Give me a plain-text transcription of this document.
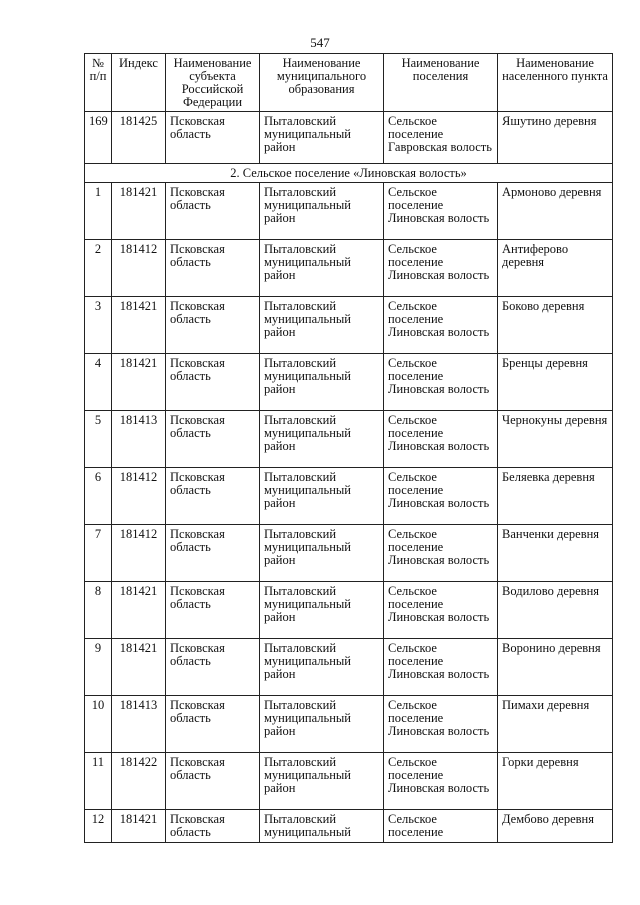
547
№ п/п	Индекс	Наименование субъекта Российской Федерации	Наименование муниципального образования	Наименование поселения	Наименование населенного пункта
169	181425	Псковская область	Пыталовский муниципальный район	Сельское поселение Гавровская волость	Яшутино деревня
2. Сельское поселение «Линовская волость»					
1	181421	Псковская область	Пыталовский муниципальный район	Сельское поселение Линовская волость	Армоново деревня
2	181412	Псковская область	Пыталовский муниципальный район	Сельское поселение Линовская волость	Антиферово деревня
3	181421	Псковская область	Пыталовский муниципальный район	Сельское поселение Линовская волость	Боково деревня
4	181421	Псковская область	Пыталовский муниципальный район	Сельское поселение Линовская волость	Бренцы деревня
5	181413	Псковская область	Пыталовский муниципальный район	Сельское поселение Линовская волость	Чернокуны деревня
6	181412	Псковская область	Пыталовский муниципальный район	Сельское поселение Линовская волость	Беляевка деревня
7	181412	Псковская область	Пыталовский муниципальный район	Сельское поселение Линовская волость	Ванченки деревня
8	181421	Псковская область	Пыталовский муниципальный район	Сельское поселение Линовская волость	Водилово деревня
9	181421	Псковская область	Пыталовский муниципальный район	Сельское поселение Линовская волость	Воронино деревня
10	181413	Псковская область	Пыталовский муниципальный район	Сельское поселение Линовская волость	Пимахи деревня
11	181422	Псковская область	Пыталовский муниципальный район	Сельское поселение Линовская волость	Горки деревня
12	181421	Псковская область	Пыталовский муниципальный	Сельское поселение	Дембово деревня
